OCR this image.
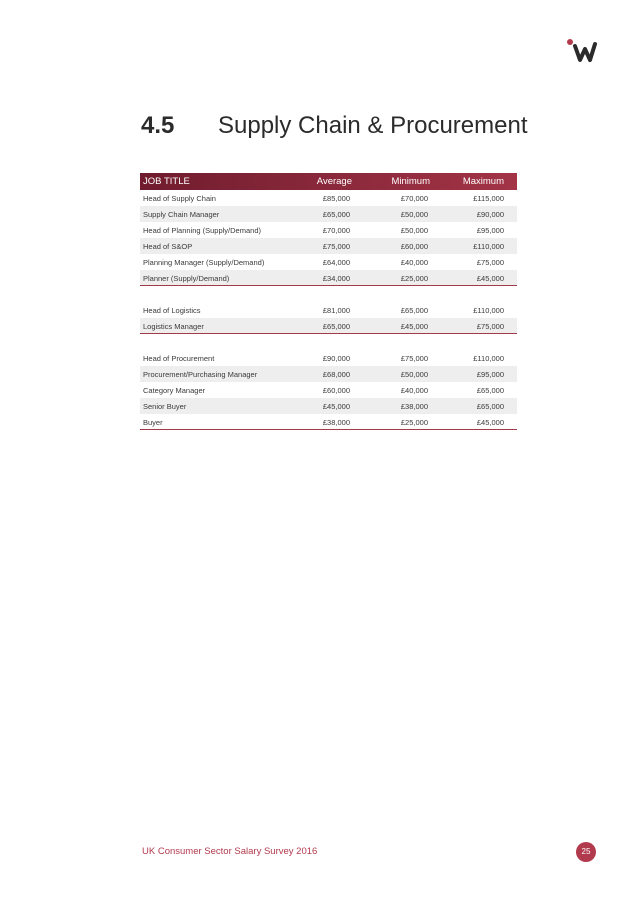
4.5 Supply Chain & Procurement
JOB TITLE	Average	Minimum	Maximum
Head of Supply Chain	£85,000	£70,000	£115,000
Supply Chain Manager	£65,000	£50,000	£90,000
Head of Planning (Supply/Demand)	£70,000	£50,000	£95,000
Head of S&OP	£75,000	£60,000	£110,000
Planning Manager (Supply/Demand)	£64,000	£40,000	£75,000
Planner (Supply/Demand)	£34,000	£25,000	£45,000
Head of Logistics	£81,000	£65,000	£110,000
Logistics Manager	£65,000	£45,000	£75,000
Head of Procurement	£90,000	£75,000	£110,000
Procurement/Purchasing Manager	£68,000	£50,000	£95,000
Category Manager	£60,000	£40,000	£65,000
Senior Buyer	£45,000	£38,000	£65,000
Buyer	£38,000	£25,000	£45,000
UK Consumer Sector Salary Survey 2016	25
